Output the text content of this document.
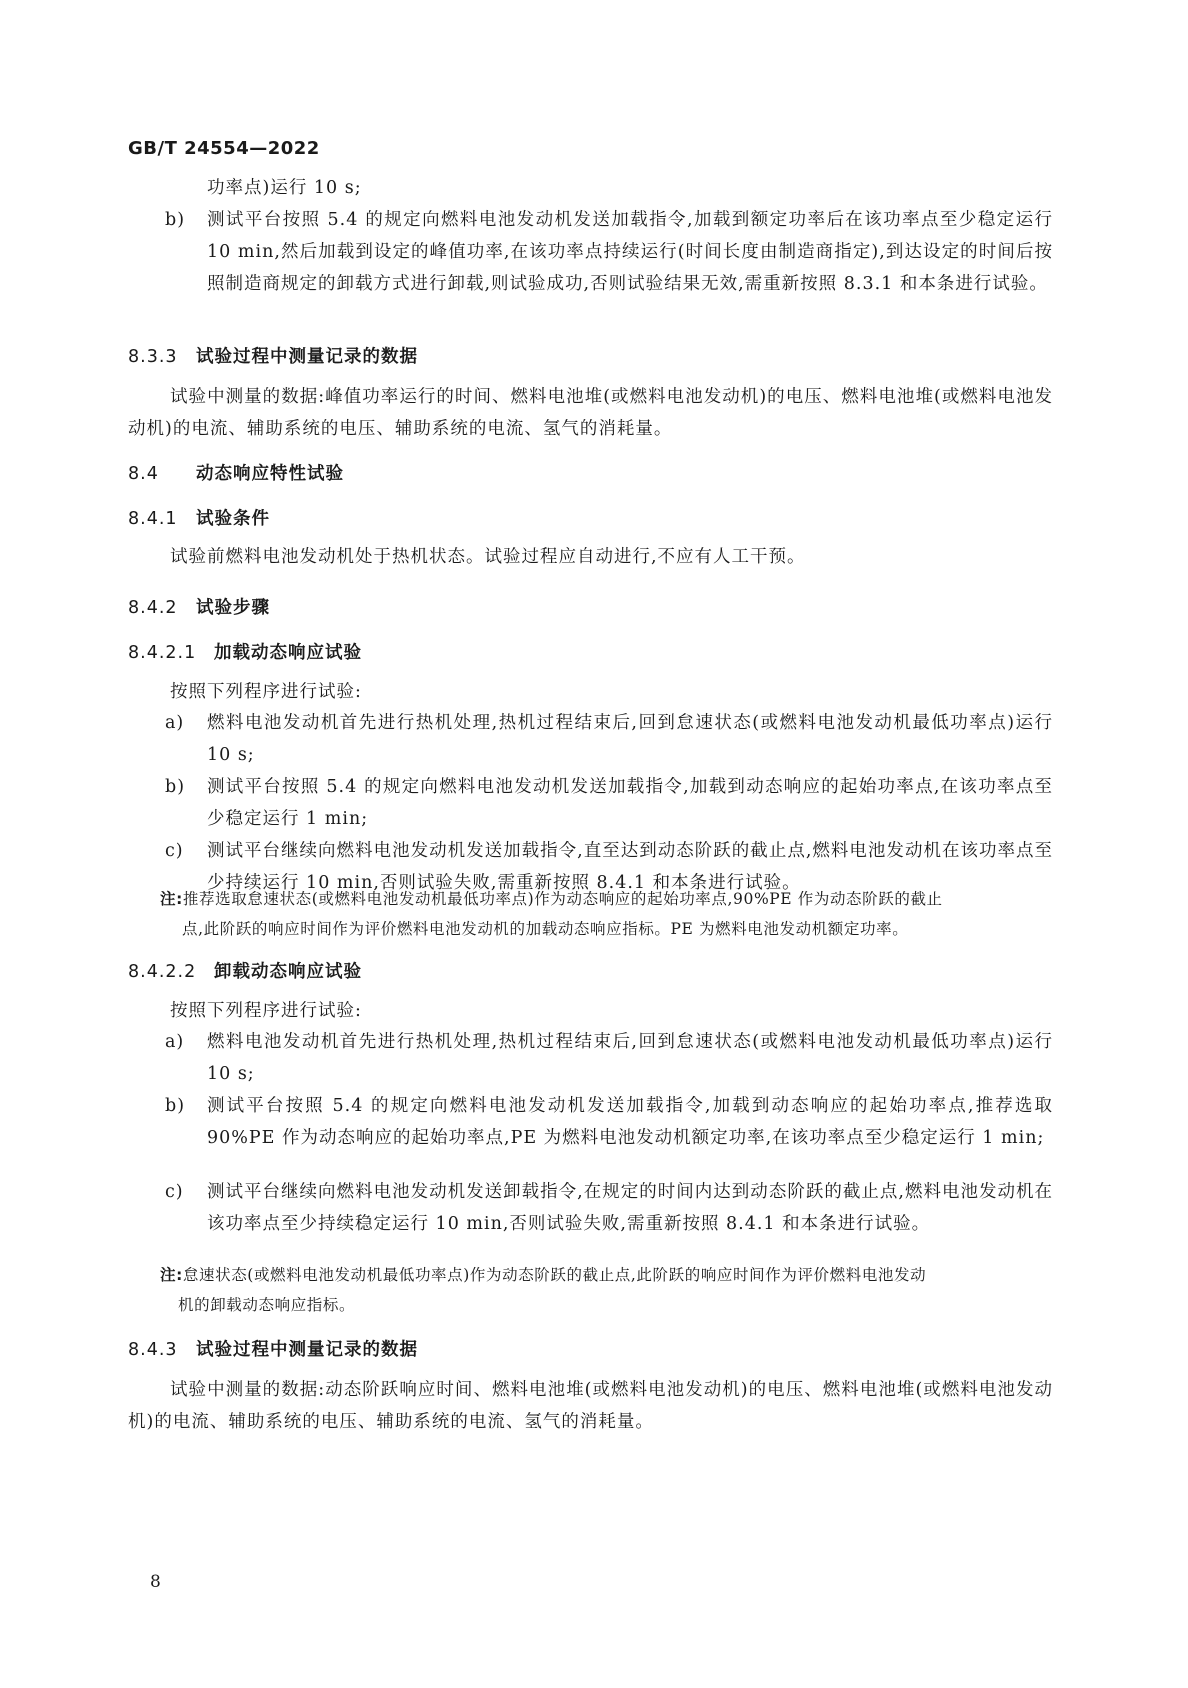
GB/T 24554—2022
功率点)运行 10 s;
b)	测试平台按照 5.4 的规定向燃料电池发动机发送加载指令,加载到额定功率后在该功率点至少稳定运行 10 min,然后加载到设定的峰值功率,在该功率点持续运行(时间长度由制造商指定),到达设定的时间后按照制造商规定的卸载方式进行卸载,则试验成功,否则试验结果无效,需重新按照 8.3.1 和本条进行试验。
8.3.3 试验过程中测量记录的数据
试验中测量的数据:峰值功率运行的时间、燃料电池堆(或燃料电池发动机)的电压、燃料电池堆(或燃料电池发动机)的电流、辅助系统的电压、辅助系统的电流、氢气的消耗量。
8.4 动态响应特性试验
8.4.1 试验条件
试验前燃料电池发动机处于热机状态。试验过程应自动进行,不应有人工干预。
8.4.2 试验步骤
8.4.2.1 加载动态响应试验
按照下列程序进行试验:
a)	燃料电池发动机首先进行热机处理,热机过程结束后,回到怠速状态(或燃料电池发动机最低功率点)运行 10 s;
b)	测试平台按照 5.4 的规定向燃料电池发动机发送加载指令,加载到动态响应的起始功率点,在该功率点至少稳定运行 1 min;
c)	测试平台继续向燃料电池发动机发送加载指令,直至达到动态阶跃的截止点,燃料电池发动机在该功率点至少持续运行 10 min,否则试验失败,需重新按照 8.4.1 和本条进行试验。
注:推荐选取怠速状态(或燃料电池发动机最低功率点)作为动态响应的起始功率点,90%PE 作为动态阶跃的截止
点,此阶跃的响应时间作为评价燃料电池发动机的加载动态响应指标。PE 为燃料电池发动机额定功率。
8.4.2.2 卸载动态响应试验
按照下列程序进行试验:
a)	燃料电池发动机首先进行热机处理,热机过程结束后,回到怠速状态(或燃料电池发动机最低功率点)运行 10 s;
b)	测试平台按照 5.4 的规定向燃料电池发动机发送加载指令,加载到动态响应的起始功率点,推荐选取 90%PE 作为动态响应的起始功率点,PE 为燃料电池发动机额定功率,在该功率点至少稳定运行 1 min;
c)	测试平台继续向燃料电池发动机发送卸载指令,在规定的时间内达到动态阶跃的截止点,燃料电池发动机在该功率点至少持续稳定运行 10 min,否则试验失败,需重新按照 8.4.1 和本条进行试验。
注:怠速状态(或燃料电池发动机最低功率点)作为动态阶跃的截止点,此阶跃的响应时间作为评价燃料电池发动
机的卸载动态响应指标。
8.4.3 试验过程中测量记录的数据
试验中测量的数据:动态阶跃响应时间、燃料电池堆(或燃料电池发动机)的电压、燃料电池堆(或燃料电池发动机)的电流、辅助系统的电压、辅助系统的电流、氢气的消耗量。
8
